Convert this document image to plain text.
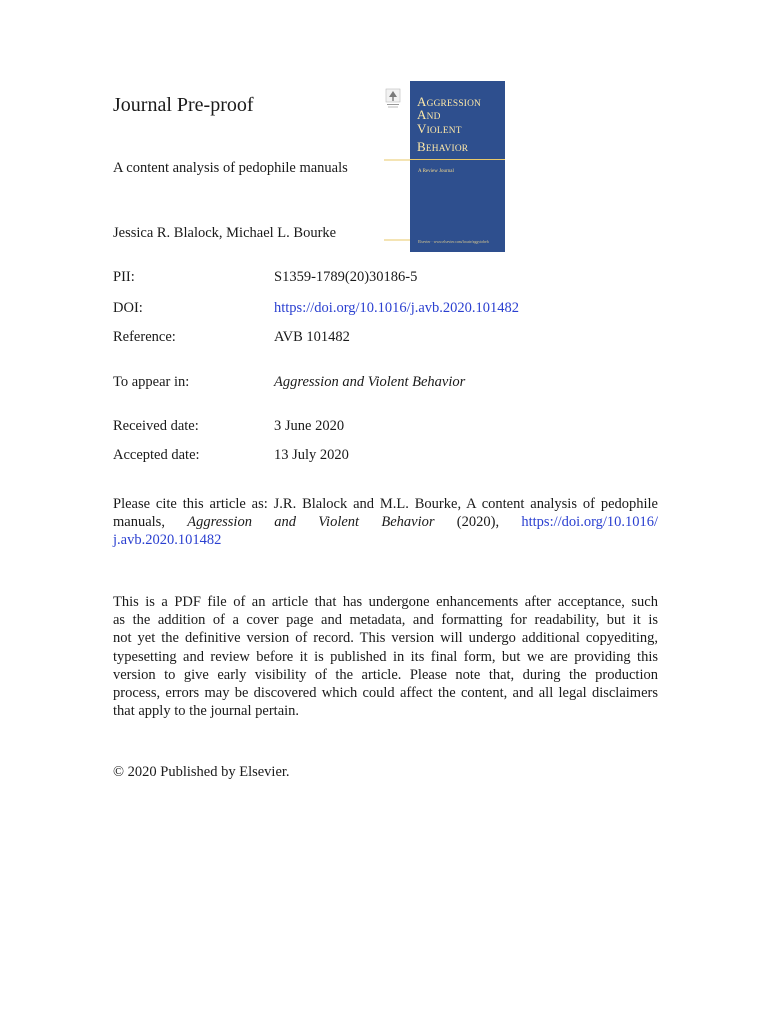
Journal Pre-proof
A content analysis of pedophile manuals
Jessica R. Blalock, Michael L. Bourke
AGGRESSION
AND
VIOLENT
BEHAVIOR
A Review Journal
Elsevier · www.elsevier.com/locate/aggviobeh
PII:	S1359-1789(20)30186-5
DOI:	https://doi.org/10.1016/j.avb.2020.101482
Reference:	AVB 101482
To appear in:	Aggression and Violent Behavior
Received date:	3 June 2020
Accepted date:	13 July 2020
Please cite this article as: J.R. Blalock and M.L. Bourke, A content analysis of pedophile
manuals, Aggression and Violent Behavior (2020), https://doi.org/10.1016/
j.avb.2020.101482
This is a PDF file of an article that has undergone enhancements after acceptance, such
as the addition of a cover page and metadata, and formatting for readability, but it is
not yet the definitive version of record. This version will undergo additional copyediting,
typesetting and review before it is published in its final form, but we are providing this
version to give early visibility of the article. Please note that, during the production
process, errors may be discovered which could affect the content, and all legal disclaimers
that apply to the journal pertain.
© 2020 Published by Elsevier.
